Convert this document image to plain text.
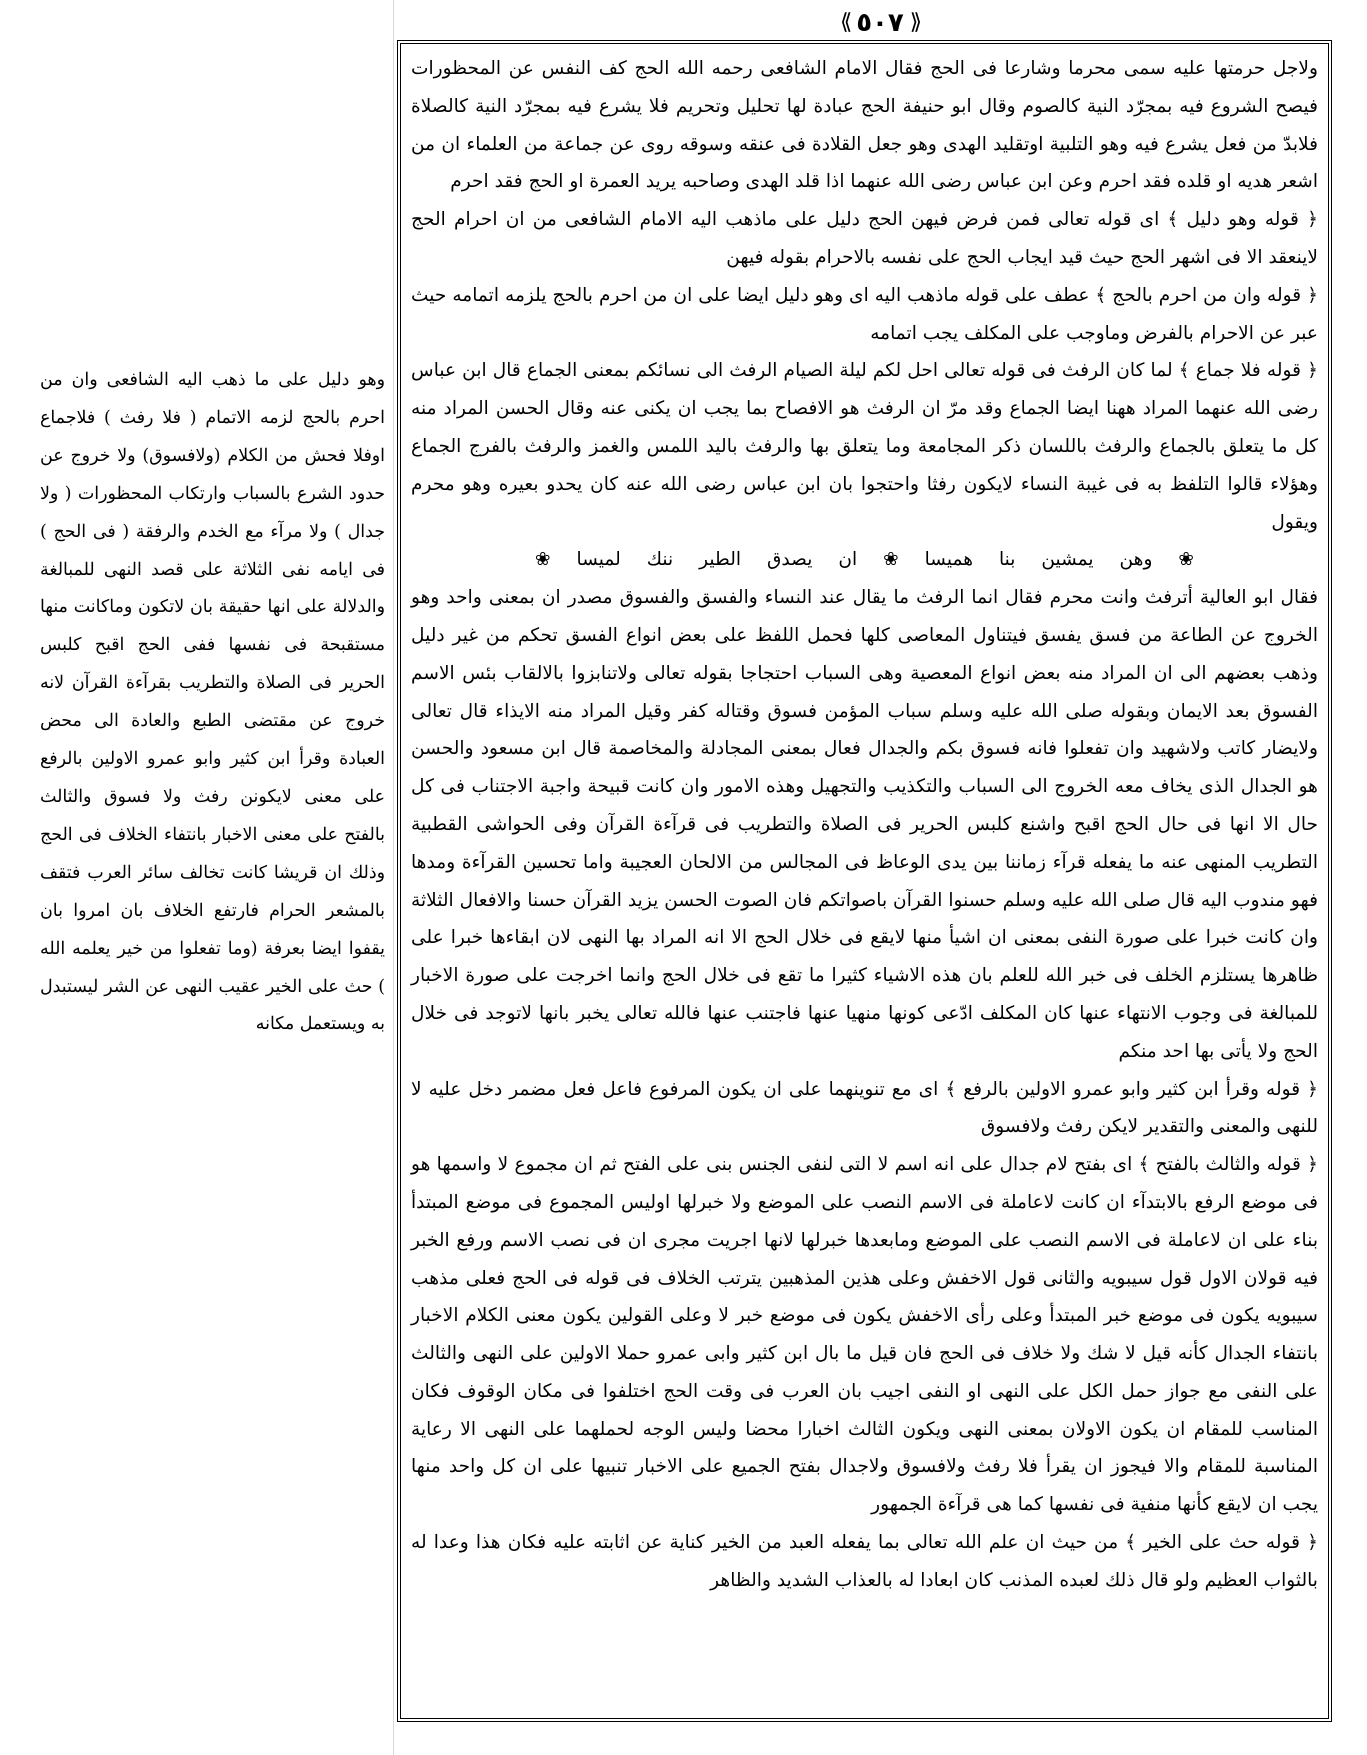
⟪ ٥٠٧ ⟫

ولاجل حرمتها عليه سمى محرما وشارعا فى الحج فقال الامام الشافعى رحمه الله الحج كف النفس عن المحظورات فيصح الشروع فيه بمجرّد النية كالصوم وقال ابو حنيفة الحج عبادة لها تحليل وتحريم فلا يشرع فيه بمجرّد النية كالصلاة فلابدّ من فعل يشرع فيه وهو التلبية اوتقليد الهدى وهو جعل القلادة فى عنقه وسوقه روى عن جماعة من العلماء ان من اشعر هديه او قلده فقد احرم وعن ابن عباس رضى الله عنهما اذا قلد الهدى وصاحبه يريد العمرة او الحج فقد احرم

﴿ قوله وهو دليل ﴾ اى قوله تعالى فمن فرض فيهن الحج دليل على ماذهب اليه الامام الشافعى من ان احرام الحج لاينعقد الا فى اشهر الحج حيث قيد ايجاب الحج على نفسه بالاحرام بقوله فيهن

﴿ قوله وان من احرم بالحج ﴾ عطف على قوله ماذهب اليه اى وهو دليل ايضا على ان من احرم بالحج يلزمه اتمامه حيث عبر عن الاحرام بالفرض وماوجب على المكلف يجب اتمامه

﴿ قوله فلا جماع ﴾ لما كان الرفث فى قوله تعالى احل لكم ليلة الصيام الرفث الى نسائكم بمعنى الجماع قال ابن عباس رضى الله عنهما المراد ههنا ايضا الجماع وقد مرّ ان الرفث هو الافصاح بما يجب ان يكنى عنه وقال الحسن المراد منه كل ما يتعلق بالجماع والرفث باللسان ذكر المجامعة وما يتعلق بها والرفث باليد اللمس والغمز والرفث بالفرج الجماع وهؤلاء قالوا التلفظ به فى غيبة النساء لايكون رفثا واحتجوا بان ابن عباس رضى الله عنه كان يحدو بعيره وهو محرم ويقول

❀ وهن يمشين بنا هميسا ❀ ان يصدق الطير ننك لميسا ❀

فقال ابو العالية أترفث وانت محرم فقال انما الرفث ما يقال عند النساء والفسق والفسوق مصدر ان بمعنى واحد وهو الخروج عن الطاعة من فسق يفسق فيتناول المعاصى كلها فحمل اللفظ على بعض انواع الفسق تحكم من غير دليل وذهب بعضهم الى ان المراد منه بعض انواع المعصية وهى السباب احتجاجا بقوله تعالى ولاتنابزوا بالالقاب بئس الاسم الفسوق بعد الايمان وبقوله صلى الله عليه وسلم سباب المؤمن فسوق وقتاله كفر وقيل المراد منه الايذاء قال تعالى ولايضار كاتب ولاشهيد وان تفعلوا فانه فسوق بكم والجدال فعال بمعنى المجادلة والمخاصمة قال ابن مسعود والحسن هو الجدال الذى يخاف معه الخروج الى السباب والتكذيب والتجهيل وهذه الامور وان كانت قبيحة واجبة الاجتناب فى كل حال الا انها فى حال الحج اقبح واشنع كلبس الحرير فى الصلاة والتطريب فى قرآءة القرآن وفى الحواشى القطبية التطريب المنهى عنه ما يفعله قرآء زماننا بين يدى الوعاظ فى المجالس من الالحان العجيبة واما تحسين القرآءة ومدها فهو مندوب اليه قال صلى الله عليه وسلم حسنوا القرآن باصواتكم فان الصوت الحسن يزيد القرآن حسنا والافعال الثلاثة وان كانت خبرا على صورة النفى بمعنى ان اشيأ منها لايقع فى خلال الحج الا انه المراد بها النهى لان ابقاءها خبرا على ظاهرها يستلزم الخلف فى خبر الله للعلم بان هذه الاشياء كثيرا ما تقع فى خلال الحج وانما اخرجت على صورة الاخبار للمبالغة فى وجوب الانتهاء عنها كان المكلف ادّعى كونها منهيا عنها فاجتنب عنها فالله تعالى يخبر بانها لاتوجد فى خلال الحج ولا يأتى بها احد منكم

﴿ قوله وقرأ ابن كثير وابو عمرو الاولين بالرفع ﴾ اى مع تنوينهما على ان يكون المرفوع فاعل فعل مضمر دخل عليه لا للنهى والمعنى والتقدير لايكن رفث ولافسوق

﴿ قوله والثالث بالفتح ﴾ اى بفتح لام جدال على انه اسم لا التى لنفى الجنس بنى على الفتح ثم ان مجموع لا واسمها هو فى موضع الرفع بالابتدآء ان كانت لاعاملة فى الاسم النصب على الموضع ولا خبرلها اوليس المجموع فى موضع المبتدأ بناء على ان لاعاملة فى الاسم النصب على الموضع ومابعدها خبرلها لانها اجريت مجرى ان فى نصب الاسم ورفع الخبر فيه قولان الاول قول سيبويه والثانى قول الاخفش وعلى هذين المذهبين يترتب الخلاف فى قوله فى الحج فعلى مذهب سيبويه يكون فى موضع خبر المبتدأ وعلى رأى الاخفش يكون فى موضع خبر لا وعلى القولين يكون معنى الكلام الاخبار بانتفاء الجدال كأنه قيل لا شك ولا خلاف فى الحج فان قيل ما بال ابن كثير وابى عمرو حملا الاولين على النهى والثالث على النفى مع جواز حمل الكل على النهى او النفى اجيب بان العرب فى وقت الحج اختلفوا فى مكان الوقوف فكان المناسب للمقام ان يكون الاولان بمعنى النهى ويكون الثالث اخبارا محضا وليس الوجه لحملهما على النهى الا رعاية المناسبة للمقام والا فيجوز ان يقرأ فلا رفث ولافسوق ولاجدال بفتح الجميع على الاخبار تنبيها على ان كل واحد منها يجب ان لايقع كأنها منفية فى نفسها كما هى قرآءة الجمهور

﴿ قوله حث على الخير ﴾ من حيث ان علم الله تعالى بما يفعله العبد من الخير كناية عن اثابته عليه فكان هذا وعدا له بالثواب العظيم ولو قال ذلك لعبده المذنب كان ابعادا له بالعذاب الشديد والظاهر

وهو دليل على ما ذهب اليه الشافعى وان من احرم بالحج لزمه الاتمام ( فلا رفث ) فلاجماع اوفلا فحش من الكلام (ولافسوق) ولا خروج عن حدود الشرع بالسباب وارتكاب المحظورات ( ولا جدال ) ولا مرآء مع الخدم والرفقة ( فى الحج ) فى ايامه نفى الثلاثة على قصد النهى للمبالغة والدلالة على انها حقيقة بان لاتكون وماكانت منها مستقبحة فى نفسها ففى الحج اقبح كلبس الحرير فى الصلاة والتطريب بقرآءة القرآن لانه خروج عن مقتضى الطبع والعادة الى محض العبادة وقرأ ابن كثير وابو عمرو الاولين بالرفع على معنى لايكونن رفث ولا فسوق والثالث بالفتح على معنى الاخبار بانتفاء الخلاف فى الحج وذلك ان قريشا كانت تخالف سائر العرب فتقف بالمشعر الحرام فارتفع الخلاف بان امروا بان يقفوا ايضا بعرفة (وما تفعلوا من خير يعلمه الله ) حث على الخير عقيب النهى عن الشر ليستبدل به ويستعمل مكانه
